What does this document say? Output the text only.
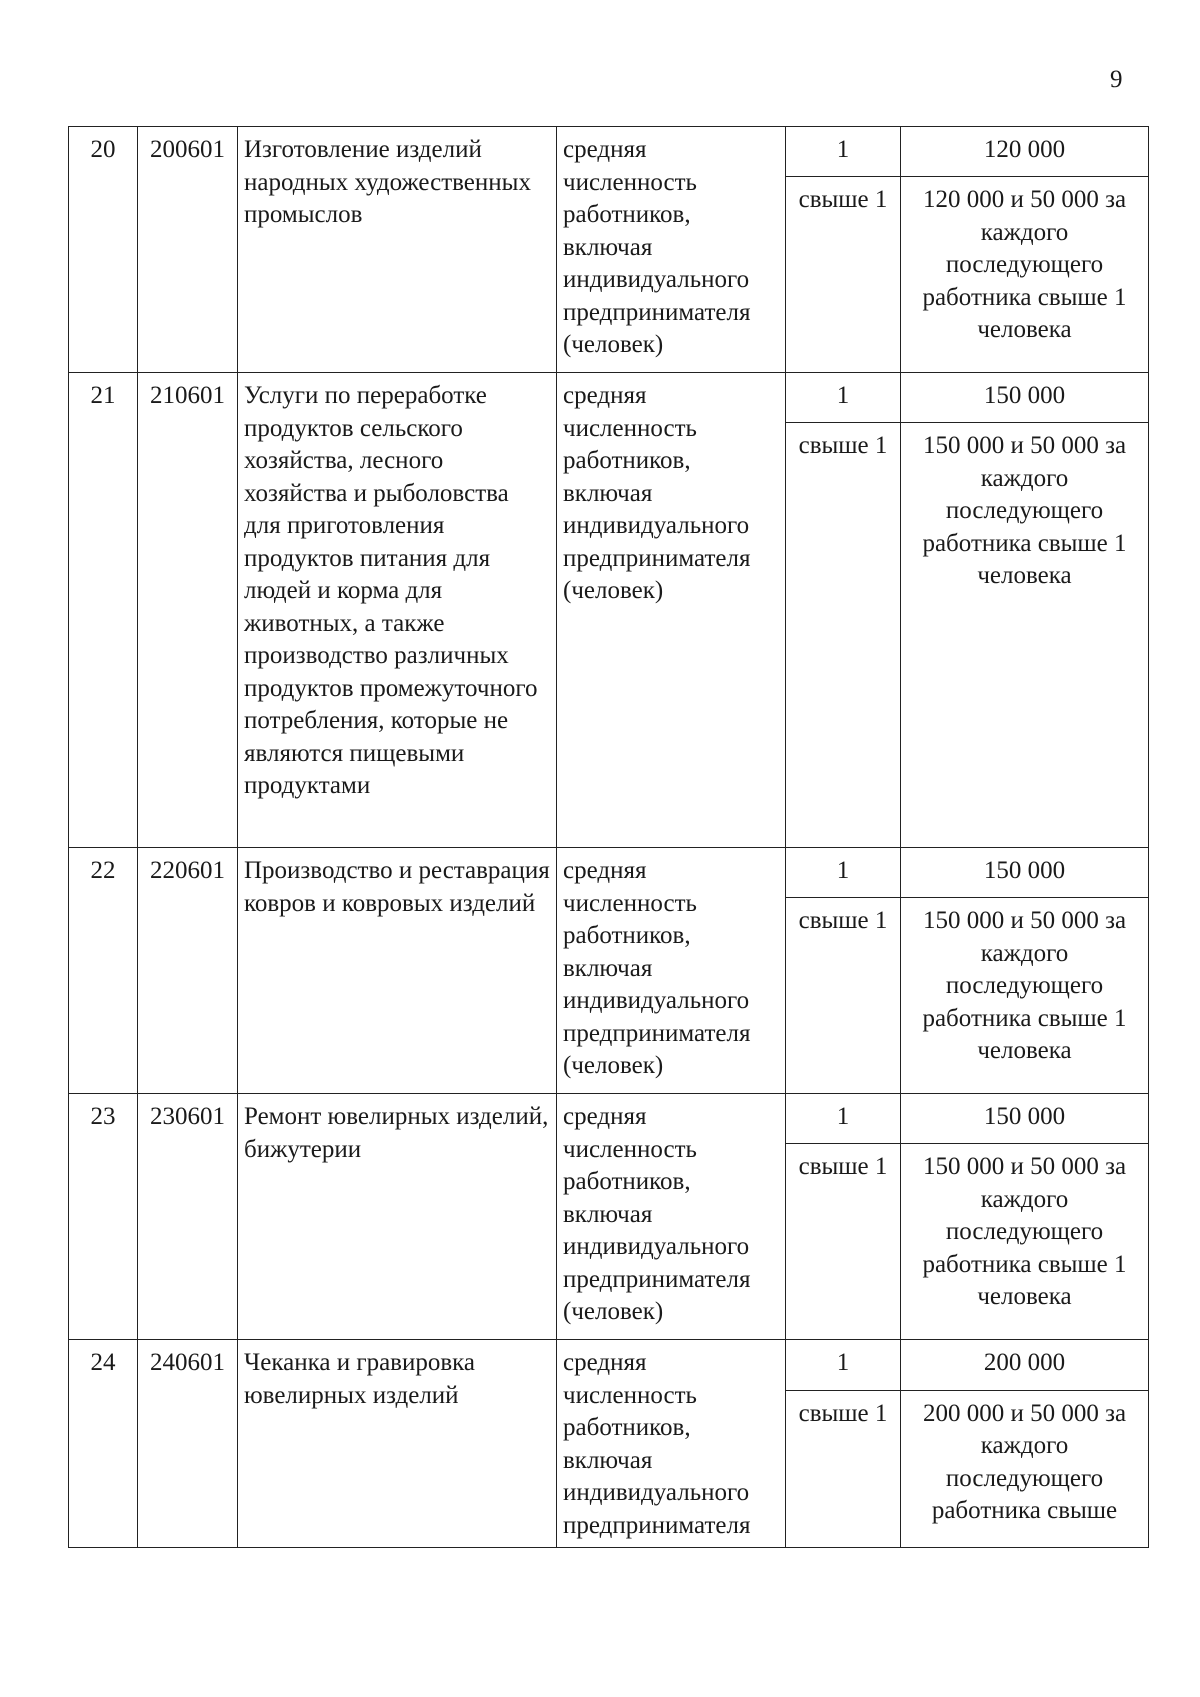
9
20	200601	Изготовление изделий народных художественных промыслов	средняя численность работников, включая индивидуального предпринимателя (человек)	1	120 000
				свыше 1	120 000 и 50 000 за каждого последующего работника свыше 1 человека
21	210601	Услуги по переработке продуктов сельского хозяйства, лесного хозяйства и рыболовства для приготовления продуктов питания для людей и корма для животных, а также производство различных продуктов промежуточного потребления, которые не являются пищевыми продуктами	средняя численность работников, включая индивидуального предпринимателя (человек)	1	150 000
				свыше 1	150 000 и 50 000 за каждого последующего работника свыше 1 человека
22	220601	Производство и реставрация ковров и ковровых изделий	средняя численность работников, включая индивидуального предпринимателя (человек)	1	150 000
				свыше 1	150 000 и 50 000 за каждого последующего работника свыше 1 человека
23	230601	Ремонт ювелирных изделий, бижутерии	средняя численность работников, включая индивидуального предпринимателя (человек)	1	150 000
				свыше 1	150 000 и 50 000 за каждого последующего работника свыше 1 человека
24	240601	Чеканка и гравировка ювелирных изделий	средняя численность работников, включая индивидуального предпринимателя	1	200 000
				свыше 1	200 000 и 50 000 за каждого последующего работника свыше
